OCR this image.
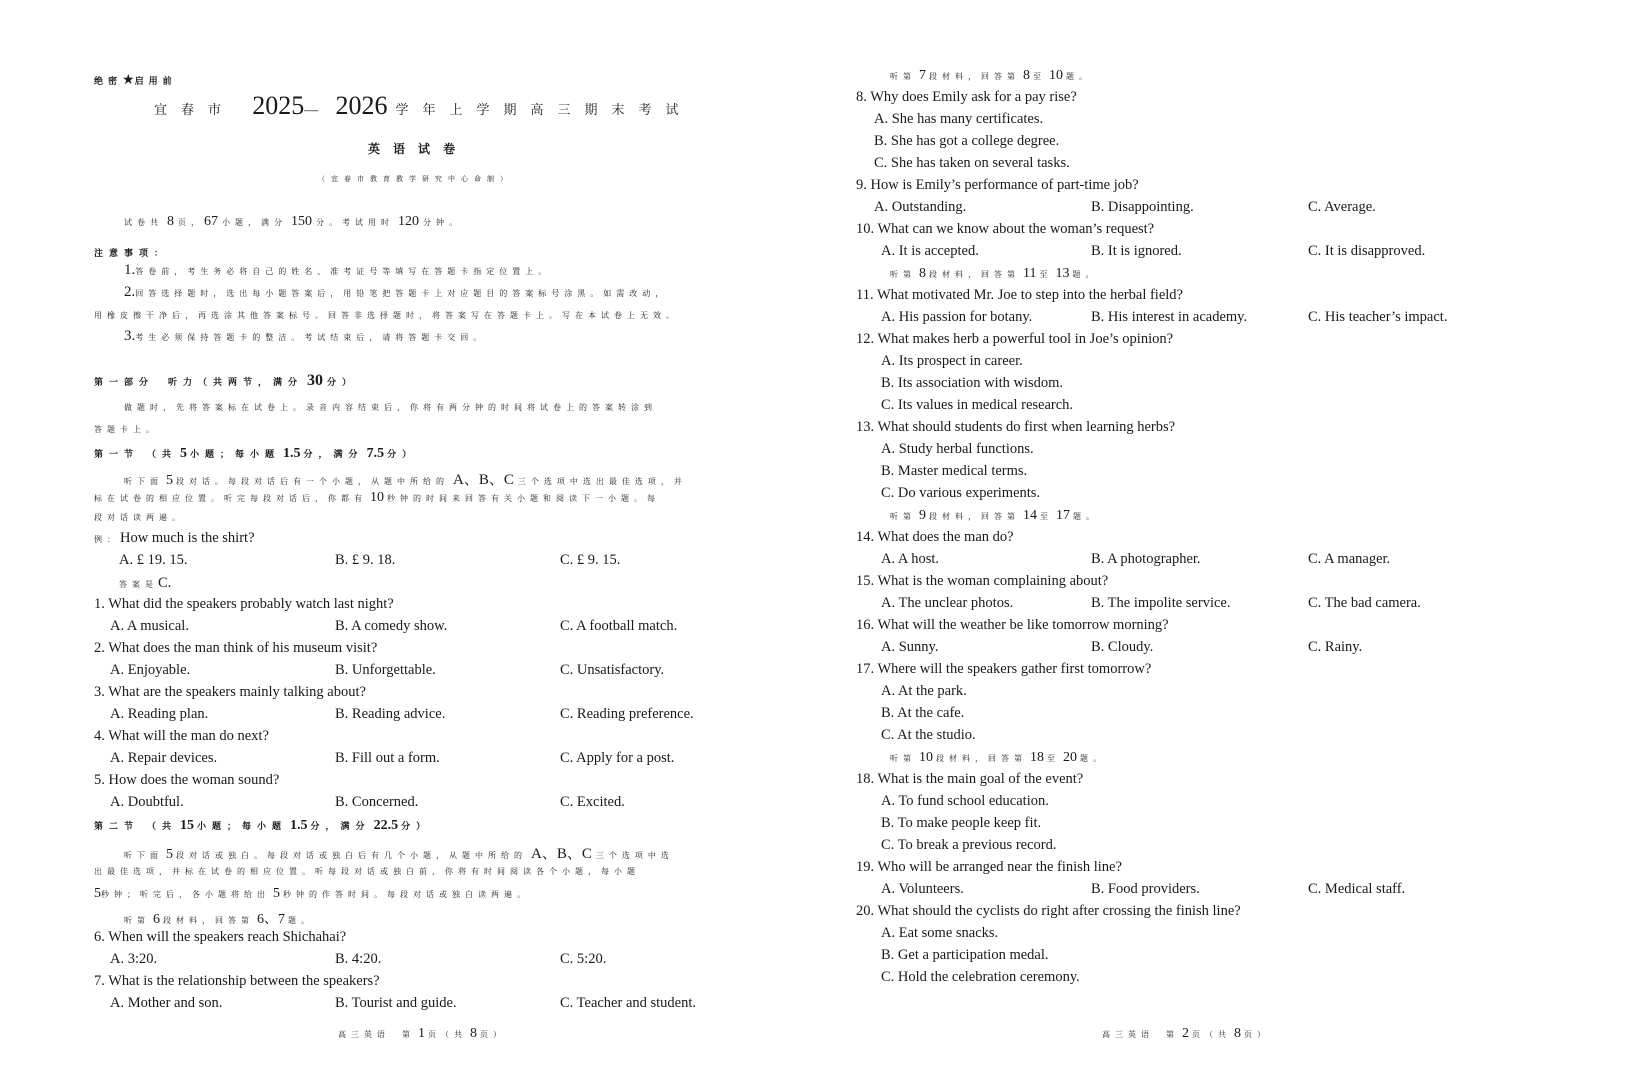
绝密★启用前
宜春市 2025— 2026 学年上学期高三期末考试
英语试卷
（宜春市教育教学研究中心命制）
试卷共 8 页，67 小题，满分 150 分。考试用时 120 分钟。
注意事项：
1.答卷前，考生务必将自己的姓名、准考证号等填写在答题卡指定位置上。
2.回答选择题时，选出每小题答案后，用铅笔把答题卡上对应题目的答案标号涂黑。如需改动，
用橡皮擦干净后，再选涂其他答案标号。回答非选择题时，将答案写在答题卡上。写在本试卷上无效。
3.考生必须保持答题卡的整洁。考试结束后，请将答题卡交回。
第一部分 听力（共两节，满分 30 分）
做题时，先将答案标在试卷上。录音内容结束后，你将有两分钟的时间将试卷上的答案转涂到
答题卡上。
第一节 （共 5 小题；每小题 1.5 分，满分 7.5 分）
听下面 5 段对话。每段对话后有一个小题，从题中所给的 A、B、C 三个选项中选出最佳选项，并
标在试卷的相应位置。听完每段对话后，你都有 10 秒钟的时间来回答有关小题和阅读下一小题。每
段对话读两遍。
例：How much is the shirt?
A. £ 19. 15.	B. £ 9. 18.	C. £ 9. 15.
答案是C.
1. What did the speakers probably watch last night?
A. A musical.	B. A comedy show.	C. A football match.
2. What does the man think of his museum visit?
A. Enjoyable.	B. Unforgettable.	C. Unsatisfactory.
3. What are the speakers mainly talking about?
A. Reading plan.	B. Reading advice.	C. Reading preference.
4. What will the man do next?
A. Repair devices.	B. Fill out a form.	C. Apply for a post.
5. How does the woman sound?
A. Doubtful.	B. Concerned.	C. Excited.
第二节 （共 15 小题；每小题 1.5 分，满分 22.5 分）
听下面 5 段对话或独白。每段对话或独白后有几个小题，从题中所给的 A、B、C 三个选项中选
出最佳选项，并标在试卷的相应位置。听每段对话或独白前，你将有时间阅读各个小题，每小题
5秒钟；听完后，各小题将给出 5 秒钟的作答时间。每段对话或独白读两遍。
听第 6 段材料，回答第 6、7 题。
6. When will the speakers reach Shichahai?
A. 3:20.	B. 4:20.	C. 5:20.
7. What is the relationship between the speakers?
A. Mother and son.	B. Tourist and guide.	C. Teacher and student.
高三英语 第 1 页（共 8 页）
听第 7 段材料，回答第 8 至 10 题。
8. Why does Emily ask for a pay rise?
A. She has many certificates.
B. She has got a college degree.
C. She has taken on several tasks.
9. How is Emily’s performance of part-time job?
A. Outstanding.	B. Disappointing.	C. Average.
10. What can we know about the woman’s request?
A. It is accepted.	B. It is ignored.	C. It is disapproved.
听第 8 段材料，回答第 11 至 13 题。
11. What motivated Mr. Joe to step into the herbal field?
A. His passion for botany.	B. His interest in academy.	C. His teacher’s impact.
12. What makes herb a powerful tool in Joe’s opinion?
A. Its prospect in career.
B. Its association with wisdom.
C. Its values in medical research.
13. What should students do first when learning herbs?
A. Study herbal functions.
B. Master medical terms.
C. Do various experiments.
听第 9 段材料，回答第 14 至 17 题。
14. What does the man do?
A. A host.	B. A photographer.	C. A manager.
15. What is the woman complaining about?
A. The unclear photos.	B. The impolite service.	C. The bad camera.
16. What will the weather be like tomorrow morning?
A. Sunny.	B. Cloudy.	C. Rainy.
17. Where will the speakers gather first tomorrow?
A. At the park.
B. At the cafe.
C. At the studio.
听第 10 段材料，回答第 18 至 20 题。
18. What is the main goal of the event?
A. To fund school education.
B. To make people keep fit.
C. To break a previous record.
19. Who will be arranged near the finish line?
A. Volunteers.	B. Food providers.	C. Medical staff.
20. What should the cyclists do right after crossing the finish line?
A. Eat some snacks.
B. Get a participation medal.
C. Hold the celebration ceremony.
高三英语 第 2 页（共 8 页）
